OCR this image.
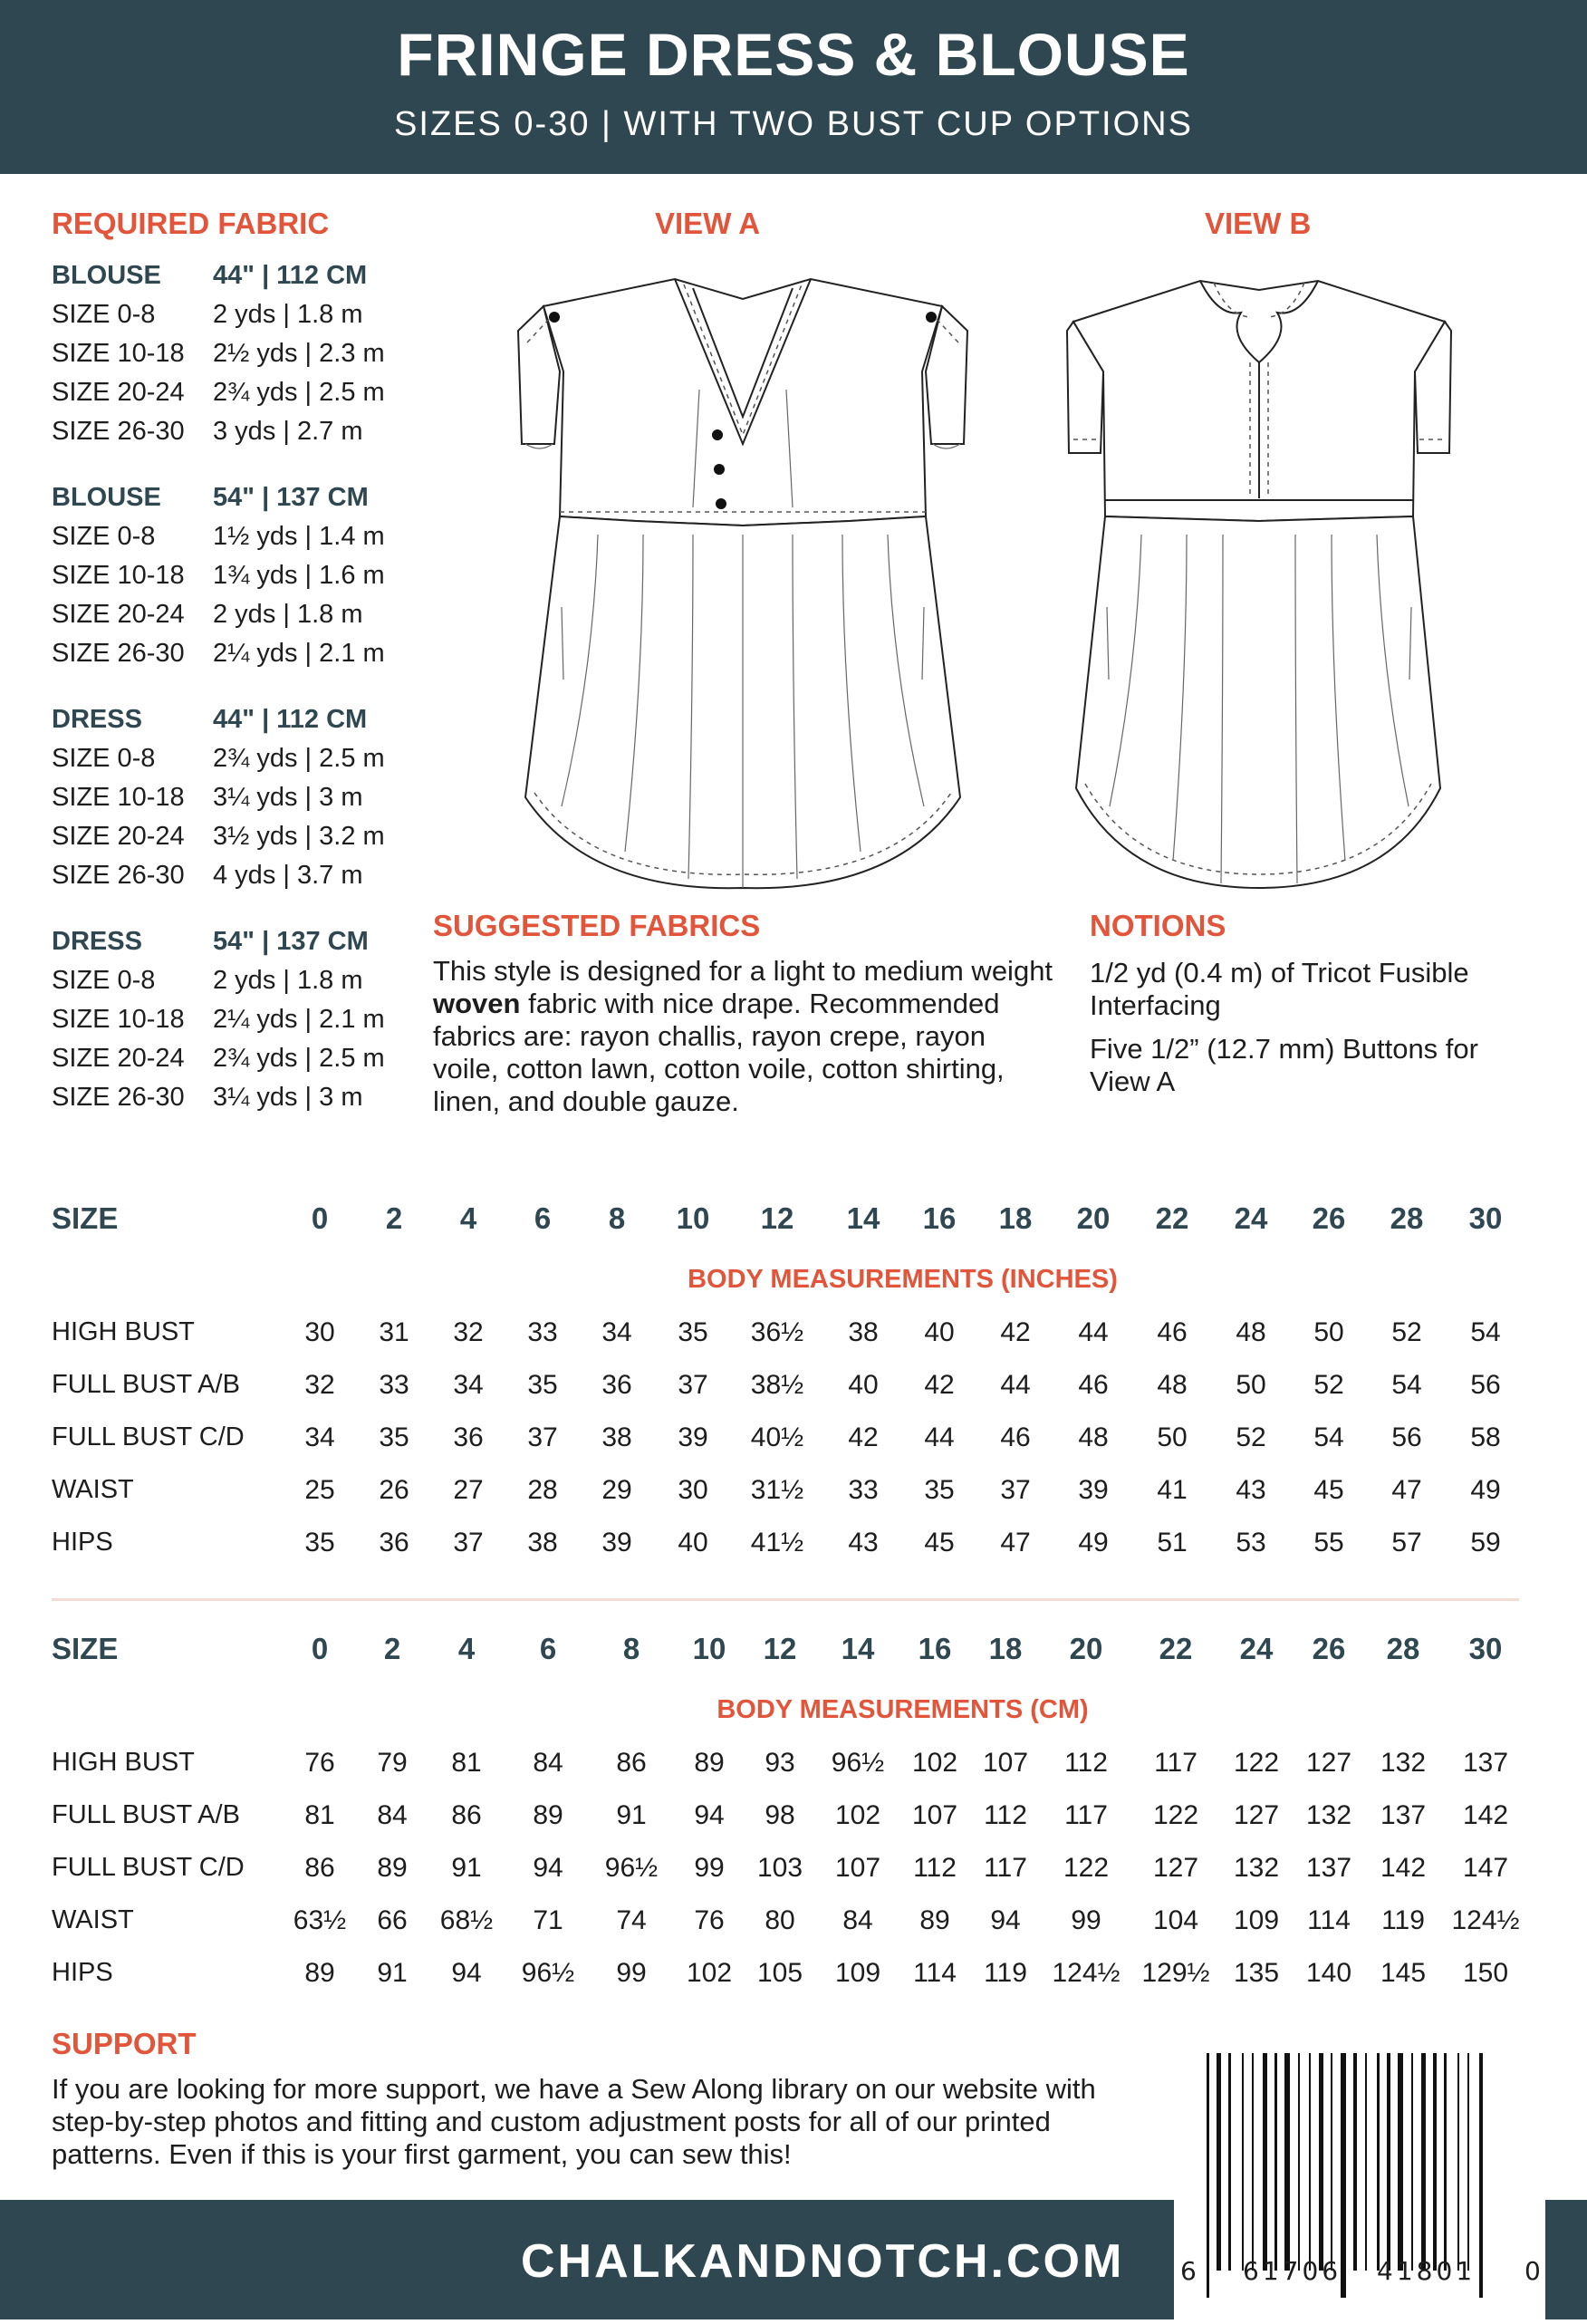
FRINGE DRESS & BLOUSE
SIZES 0-30 | WITH TWO BUST CUP OPTIONS
REQUIRED FABRIC
BLOUSE	44" | 112 CM
SIZE 0-8	2 yds | 1.8 m
SIZE 10-18	2½ yds | 2.3 m
SIZE 20-24	2¾ yds | 2.5 m
SIZE 26-30	3 yds | 2.7 m
BLOUSE	54" | 137 CM
SIZE 0-8	1½ yds | 1.4 m
SIZE 10-18	1¾ yds | 1.6 m
SIZE 20-24	2 yds | 1.8 m
SIZE 26-30	2¼ yds | 2.1 m
DRESS	44" | 112 CM
SIZE 0-8	2¾ yds | 2.5 m
SIZE 10-18	3¼ yds | 3 m
SIZE 20-24	3½ yds | 3.2 m
SIZE 26-30	4 yds | 3.7 m
DRESS	54" | 137 CM
SIZE 0-8	2 yds | 1.8 m
SIZE 10-18	2¼ yds | 2.1 m
SIZE 20-24	2¾ yds | 2.5 m
SIZE 26-30	3¼ yds | 3 m
VIEW A	VIEW B
SUGGESTED FABRICS
This style is designed for a light to medium weight woven fabric with nice drape. Recommended fabrics are: rayon challis, rayon crepe, rayon voile, cotton lawn, cotton voile, cotton shirting, linen, and double gauze.
NOTIONS
1/2 yd (0.4 m) of Tricot Fusible Interfacing
Five 1/2” (12.7 mm) Buttons for View A
SIZE	0	2	4	6	8	10	12	14	16	18	20	22	24	26	28	30
BODY MEASUREMENTS (INCHES)
HIGH BUST	30	31	32	33	34	35	36½	38	40	42	44	46	48	50	52	54
FULL BUST A/B	32	33	34	35	36	37	38½	40	42	44	46	48	50	52	54	56
FULL BUST C/D	34	35	36	37	38	39	40½	42	44	46	48	50	52	54	56	58
WAIST	25	26	27	28	29	30	31½	33	35	37	39	41	43	45	47	49
HIPS	35	36	37	38	39	40	41½	43	45	47	49	51	53	55	57	59
SIZE	0	2	4	6	8	10	12	14	16	18	20	22	24	26	28	30
BODY MEASUREMENTS (CM)
HIGH BUST	76	79	81	84	86	89	93	96½	102 107	112	117	122 127	132	137
FULL BUST A/B	81	84	86	89	91	94	98	102	107 112	117	122	127 132	137	142
FULL BUST C/D	86	89	91	94	96½	99	103	107	112	117	122	127	132 137	142	147
WAIST	63½	66	68½	71	74	76	80	84	89	94	99	104	109	114	119 124½
HIPS	89	91	94	96½	99	102 105	109	114	119 124½ 129½ 135 140	145	150
SUPPORT
If you are looking for more support, we have a Sew Along library on our website with step-by-step photos and fitting and custom adjustment posts for all of our printed patterns. Even if this is your first garment, you can sew this!
CHALKANDNOTCH.COM 6 61706 41801 0
